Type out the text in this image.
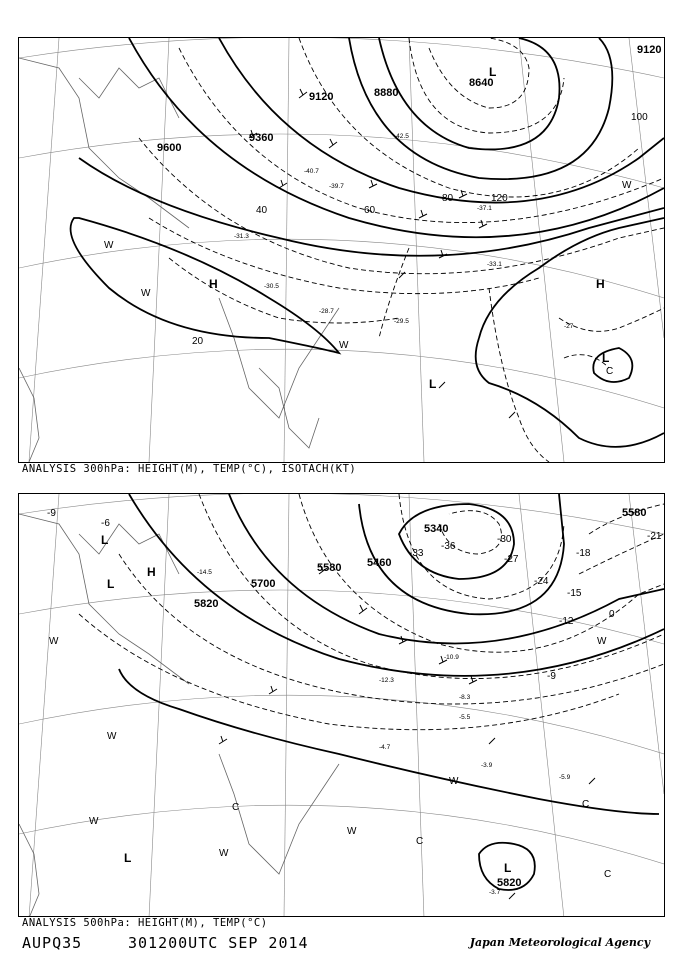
9120	8880
8640
9360
9600
9120
20
40	60
80
100
120
-40.7
-39.7
-37.1
-31.3
-30.5
-29.5
-28.7
-27
-33.1
-42.5
H	H
L
L
L
W
W
W
W
C
ANALYSIS 300hPa: HEIGHT(M), TEMP(°C), ISOTACH(KT)
5340
5580 5460
5700
5820
5580
5820
-9
-6
0
-9
-12
-15
-18
-21
-24
-27
-30
-33
-36
-14.5
-12.3
-10.9
-8.3
-5.5
-4.7
-3.9
-5.9
-3.7
H
L
L
L
L
W
W
W
W
W
W
W
C
C
C
C
ANALYSIS 500hPa: HEIGHT(M), TEMP(°C)
AUPQ35	301200UTC SEP 2014	Japan Meteorological Agency
